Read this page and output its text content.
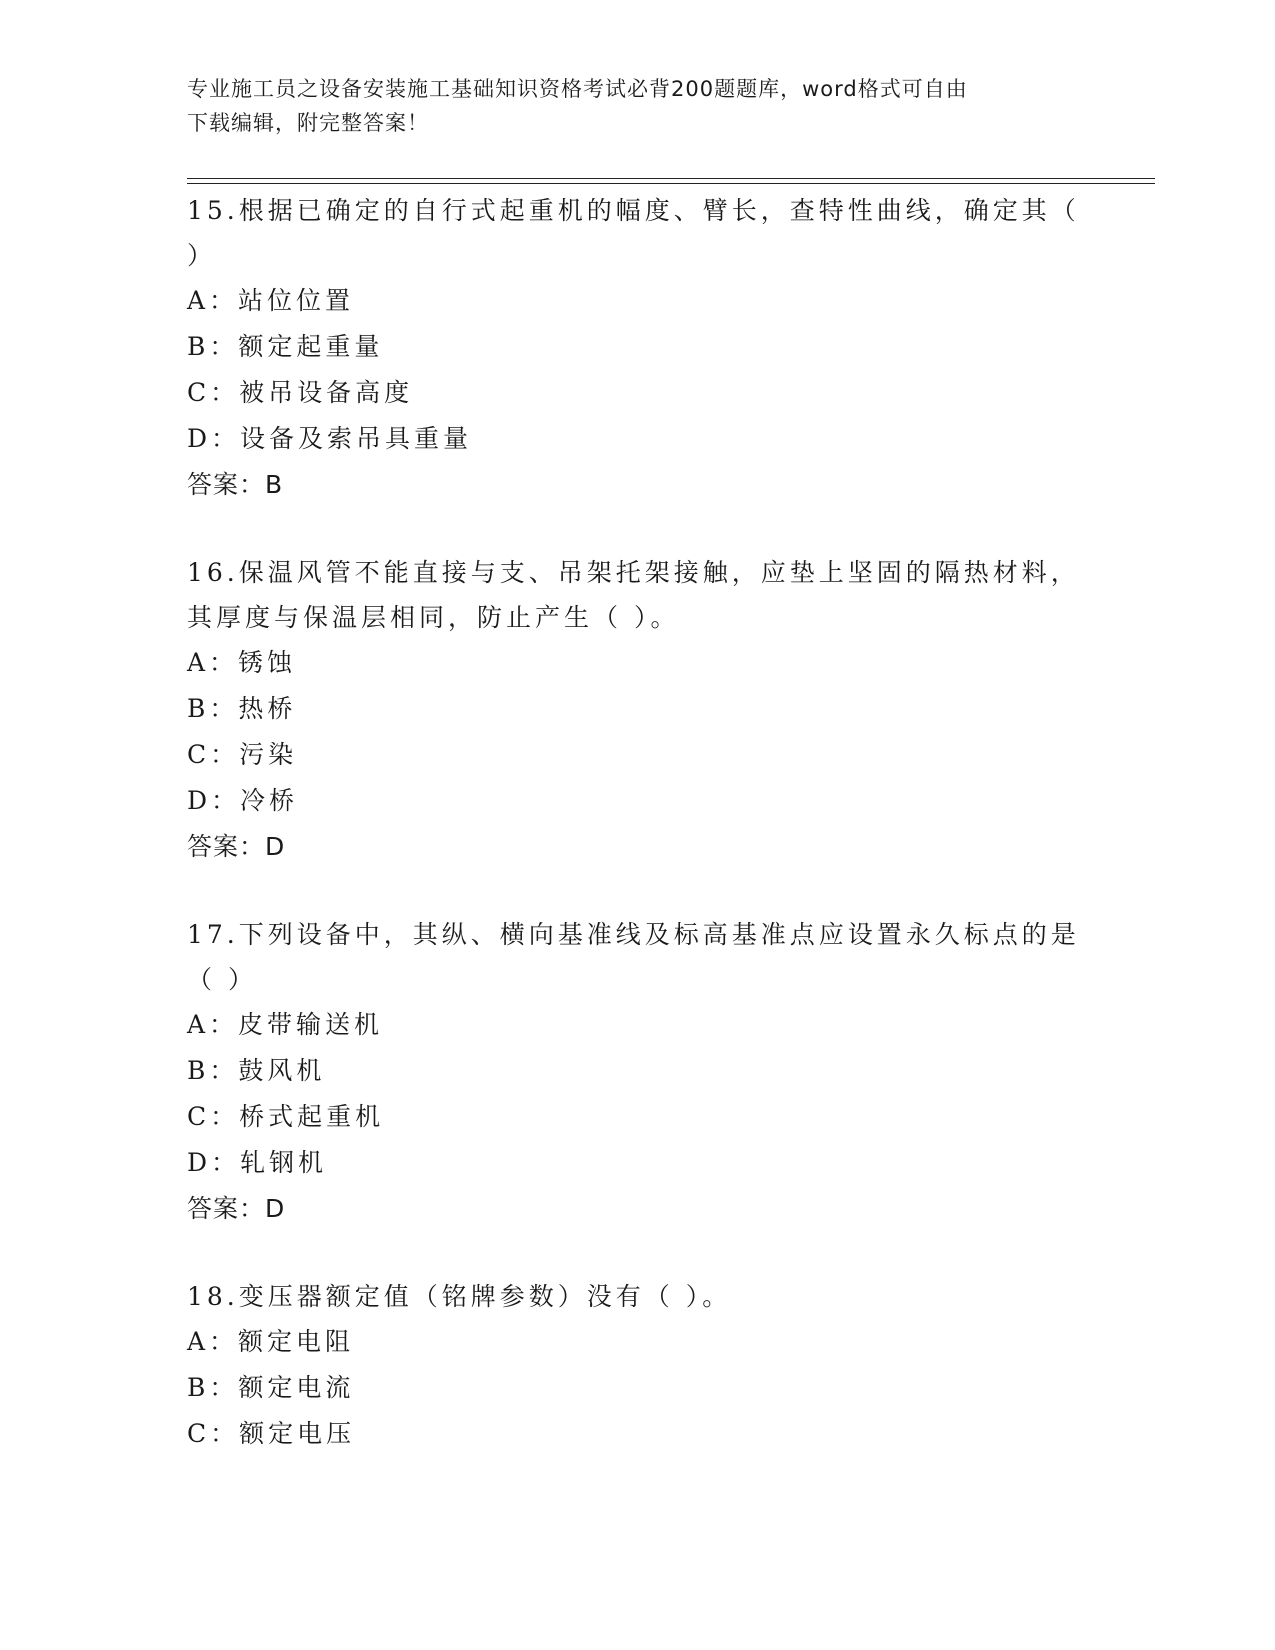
专业施工员之设备安装施工基础知识资格考试必背200题题库，word格式可自由
下载编辑，附完整答案！
15.根据已确定的自行式起重机的幅度、臂长，查特性曲线，确定其（
）
A：站位位置
B：额定起重量
C：被吊设备高度
D：设备及索吊具重量
答案：B
16.保温风管不能直接与支、吊架托架接触，应垫上坚固的隔热材料，
其厚度与保温层相同，防止产生（ ）。
A：锈蚀
B：热桥
C：污染
D：冷桥
答案：D
17.下列设备中，其纵、横向基准线及标高基准点应设置永久标点的是
（ ）
A：皮带输送机
B：鼓风机
C：桥式起重机
D：轧钢机
答案：D
18.变压器额定值（铭牌参数）没有（ ）。
A：额定电阻
B：额定电流
C：额定电压
